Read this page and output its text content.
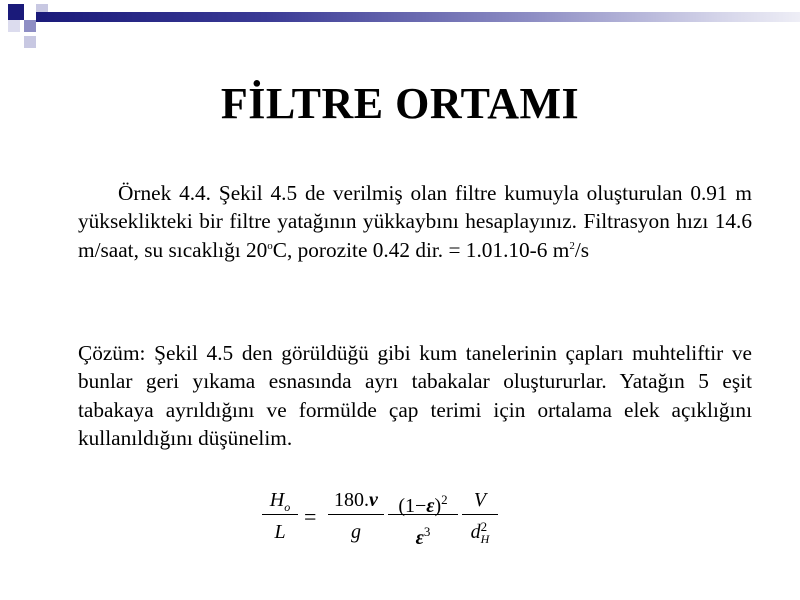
FİLTRE ORTAMI

Örnek 4.4. Şekil 4.5 de verilmiş olan filtre kumuyla oluşturulan 0.91 m yükseklikteki bir filtre yatağının yükkaybını hesaplayınız. Filtrasyon hızı 14.6 m/saat, su sıcaklığı 20$^o$C, porozite 0.42 dir. = 1.01.10-6 $m^2/s$

Çözüm: Şekil 4.5 den görüldüğü gibi kum tanelerinin çapları muhteliftir ve bunlar geri yıkama esnasında ayrı tabakalar oluştururlar. Yatağın 5 eşit tabakaya ayrıldığını ve formülde çap terimi için ortalama elek açıklığını kullanıldığını düşünelim.

$H_o$
L
=
180.ν
g
$(1-\varepsilon)^2$
$\varepsilon^3$
V
d 2
H
